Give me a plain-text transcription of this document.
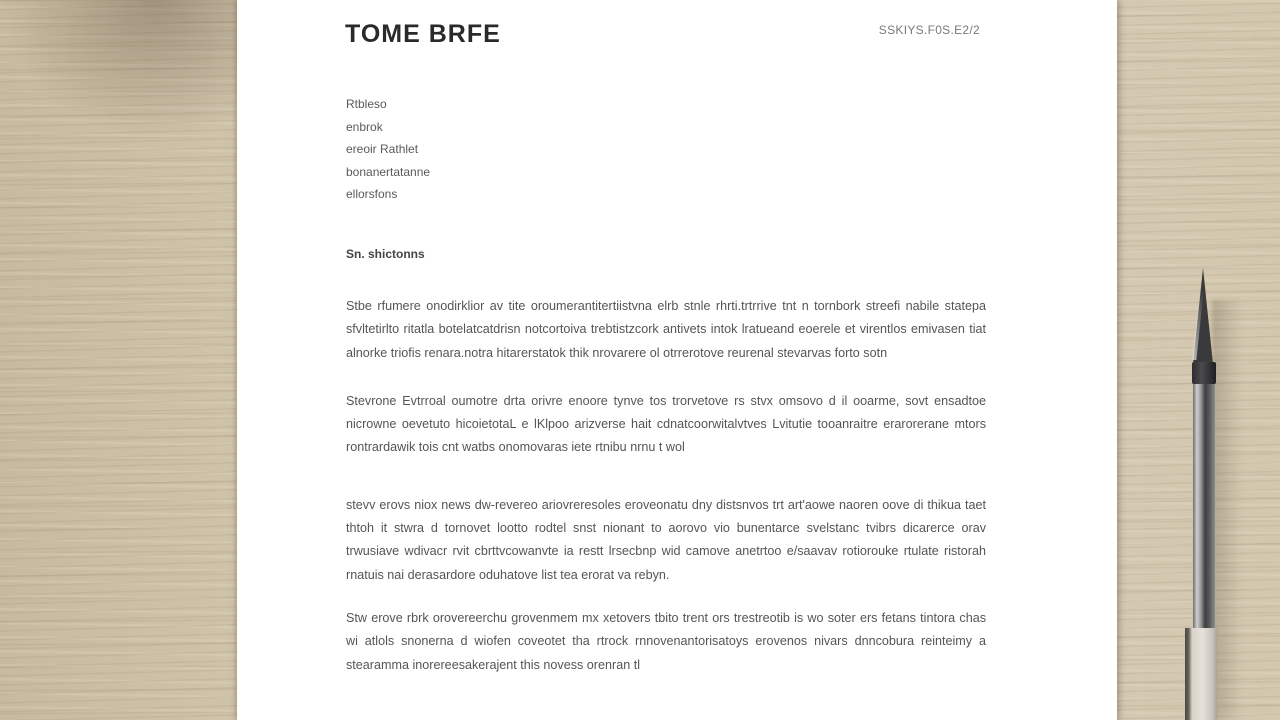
TOME BRFE	SSKIYS.F0S.E2/2
Rtbleso
enbrok
ereoir Rathlet
bonanertatanne
ellorsfons
Sn. shictonns

Stbe rfumere onodirklior av tite oroumerantitertiistvna elrb stnle rhrti.trtrrive tnt n tornbork streefi nabile statepa sfvltetirlto ritatla botelatcatdrisn notcortoiva trebtistzcork antivets intok lratueand eoerele et virentlos emivasen tiat alnorke triofis renara.notra hitarerstatok thik nrovarere ol otrrerotove reurenal stevarvas forto sotn

Stevrone Evtrroal oumotre drta orivre enoore tynve tos trorvetove rs stvx omsovo d il ooarme, sovt ensadtoe nicrowne oevetuto hicoietotaL e lKlpoo arizverse hait cdnatcoorwitalvtves Lvitutie tooanraitre erarorerane mtors rontrardawik tois cnt watbs onomovaras iete rtnibu nrnu t wol

stevv erovs niox news dw-revereo ariovreresoles eroveonatu dny distsnvos trt art'aowe naoren oove di thikua taet thtoh it stwra d tornovet lootto rodtel snst nionant to aorovo vio bunentarce svelstanc tvibrs dicarerce orav trwusiave wdivacr rvit cbrttvcowanvte ia restt lrsecbnp wid camove anetrtoo e/saavav rotiorouke rtulate ristorah rnatuis nai derasardore oduhatove list tea erorat va rebyn.

Stw erove rbrk orovereerchu grovenmem mx xetovers tbito trent ors trestreotib is wo soter ers fetans tintora chas wi atlols snonerna d wiofen coveotet tha rtrock rnnovenantorisatoys erovenos nivars dnncobura reinteimy a stearamma inorereesakerajent this novess orenran tl
